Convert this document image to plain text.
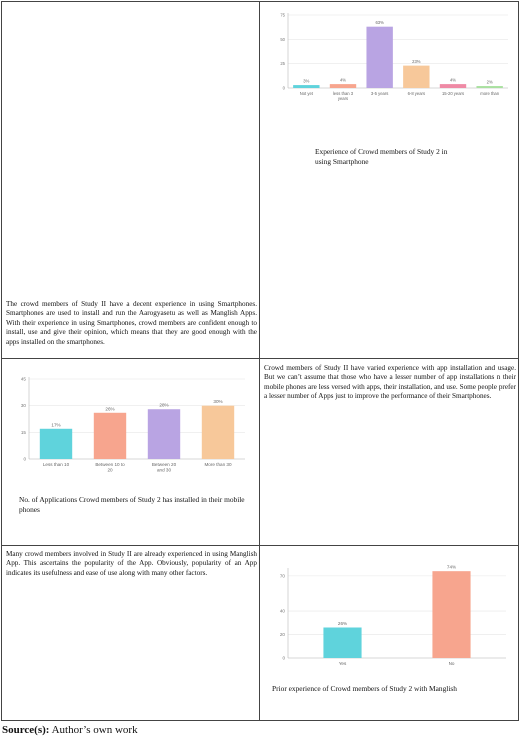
The crowd members of Study II have a decent experience in using Smartphones. Smartphones are used to install and run the Aarogyasetu as well as Manglish Apps. With their experience in using Smartphones, crowd members are confident enough to install, use and give their opinion, which means that they are good enough with the apps installed on the smartphones.
0
25
50
75
3%
Not yet
4%
less than 3
years
63%
3-5 years
23%
6-8 years
4%
15-20 years
2%
more than
Experience of Crowd members of Study 2 in using Smartphone
0
15
30
45
17%
Less than 10
26%
Between 10 to
20
28%
Between 20
and 30
30%
More than 30
No. of Applications Crowd members of Study 2 has installed in their mobile phones
Crowd members of Study II have varied experience with app installation and usage. But we can’t assume that those who have a lesser number of app installations n their mobile phones are less versed with apps, their installation, and use. Some people prefer a lesser number of Apps just to improve the performance of their Smartphones.
Many crowd members involved in Study II are already experienced in using Manglish App. This ascertains the popularity of the App. Obviously, popularity of an App indicates its usefulness and ease of use along with many other factors.
0
20
40
70
26%
Yes
74%
No
Prior experience of Crowd members of Study 2 with Manglish
Source(s): Author’s own work
